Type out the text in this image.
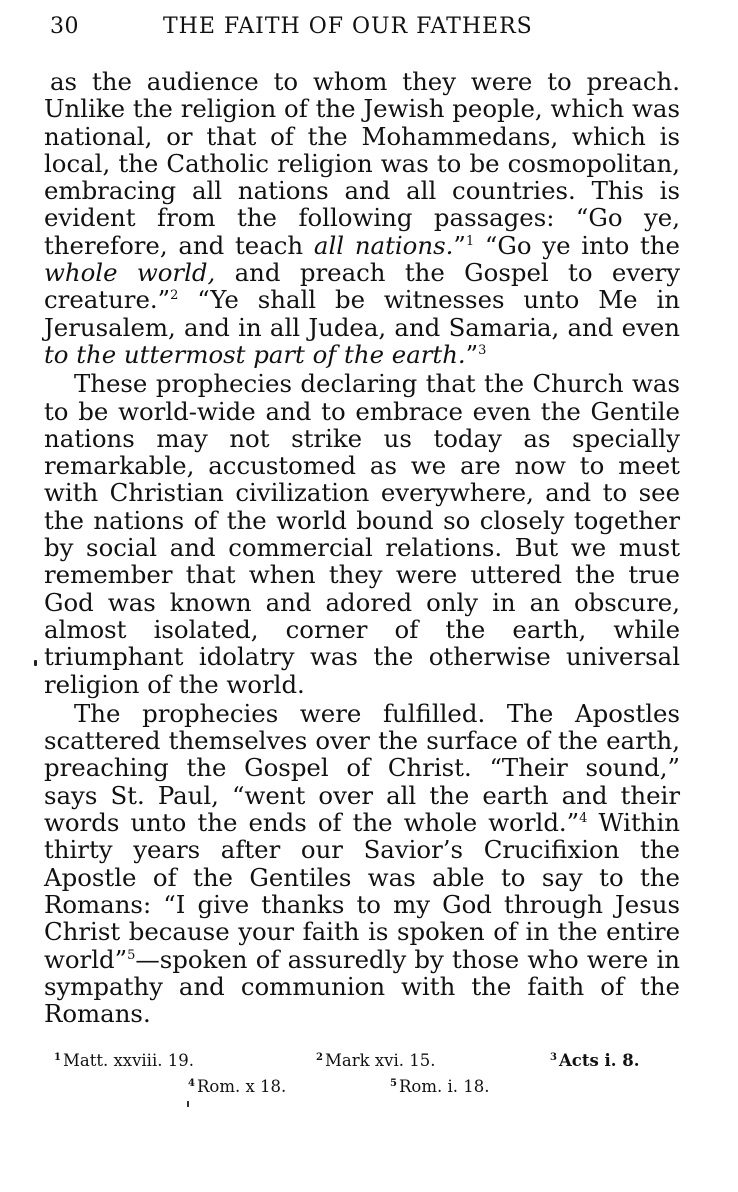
30	THE FAITH OF OUR FATHERS

as the audience to whom they were to preach. Unlike the religion of the Jewish people, which was national, or that of the Mohammedans, which is local, the Catholic religion was to be cosmopolitan, embracing all nations and all countries. This is evident from the following passages: “Go ye, therefore, and teach all nations.”$^1$ “Go ye into the whole world, and preach the Gospel to every creature.”$^2$ “Ye shall be witnesses unto Me in Jerusalem, and in all Judea, and Samaria, and even to the uttermost part of the earth.”$^3$

These prophecies declaring that the Church was to be world-wide and to embrace even the Gentile nations may not strike us today as specially remarkable, accustomed as we are now to meet with Christian civilization everywhere, and to see the nations of the world bound so closely together by social and commercial relations. But we must remember that when they were uttered the true God was known and adored only in an obscure, almost isolated, corner of the earth, while triumphant idolatry was the otherwise universal religion of the world.

The prophecies were fulfilled. The Apostles scattered themselves over the surface of the earth, preaching the Gospel of Christ. “Their sound,” says St. Paul, “went over all the earth and their words unto the ends of the whole world.”$^4$ Within thirty years after our Savior’s Crucifixion the Apostle of the Gentiles was able to say to the Romans: “I give thanks to my God through Jesus Christ because your faith is spoken of in the entire world”$^5$—spoken of assuredly by those who were in sympathy and communion with the faith of the Romans.

$^1$ Matt. xxviii. 19.	$^2$ Mark xvi. 15.	$^3$ Acts i. 8.
$^4$ Rom. x 18.	$^5$ Rom. i. 18.
